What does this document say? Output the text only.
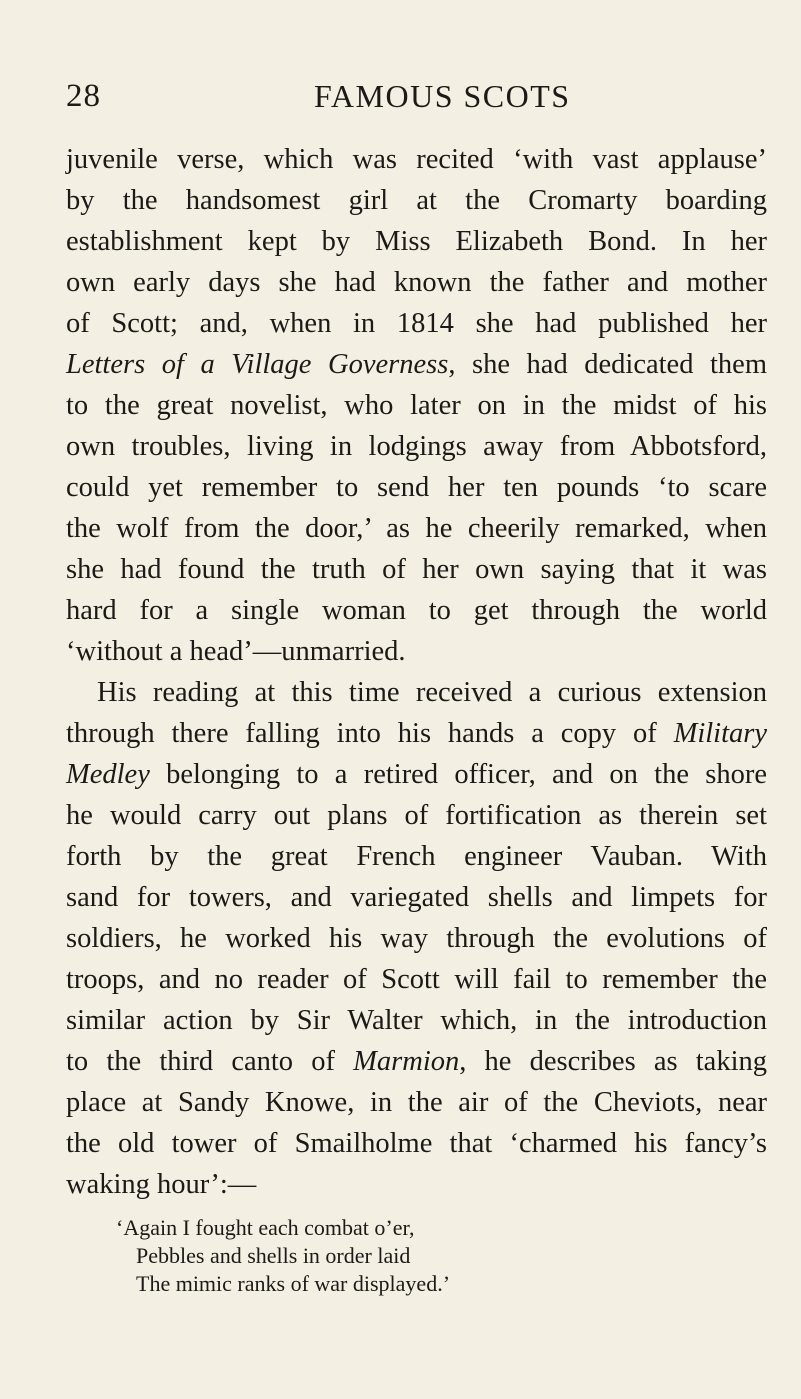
28	FAMOUS SCOTS
juvenile verse, which was recited ‘with vast applause’
by the handsomest girl at the Cromarty boarding
establishment kept by Miss Elizabeth Bond. In her
own early days she had known the father and mother
of Scott; and, when in 1814 she had published her
Letters of a Village Governess, she had dedicated them
to the great novelist, who later on in the midst of his
own troubles, living in lodgings away from Abbotsford,
could yet remember to send her ten pounds ‘to scare
the wolf from the door,’ as he cheerily remarked, when
she had found the truth of her own saying that it was
hard for a single woman to get through the world
‘without a head’—unmarried.
His reading at this time received a curious extension
through there falling into his hands a copy of Military
Medley belonging to a retired officer, and on the shore
he would carry out plans of fortification as therein set
forth by the great French engineer Vauban. With
sand for towers, and variegated shells and limpets for
soldiers, he worked his way through the evolutions of
troops, and no reader of Scott will fail to remember the
similar action by Sir Walter which, in the introduction
to the third canto of Marmion, he describes as taking
place at Sandy Knowe, in the air of the Cheviots, near
the old tower of Smailholme that ‘charmed his fancy’s
waking hour’:—
‘Again I fought each combat o’er,
Pebbles and shells in order laid
The mimic ranks of war displayed.’
